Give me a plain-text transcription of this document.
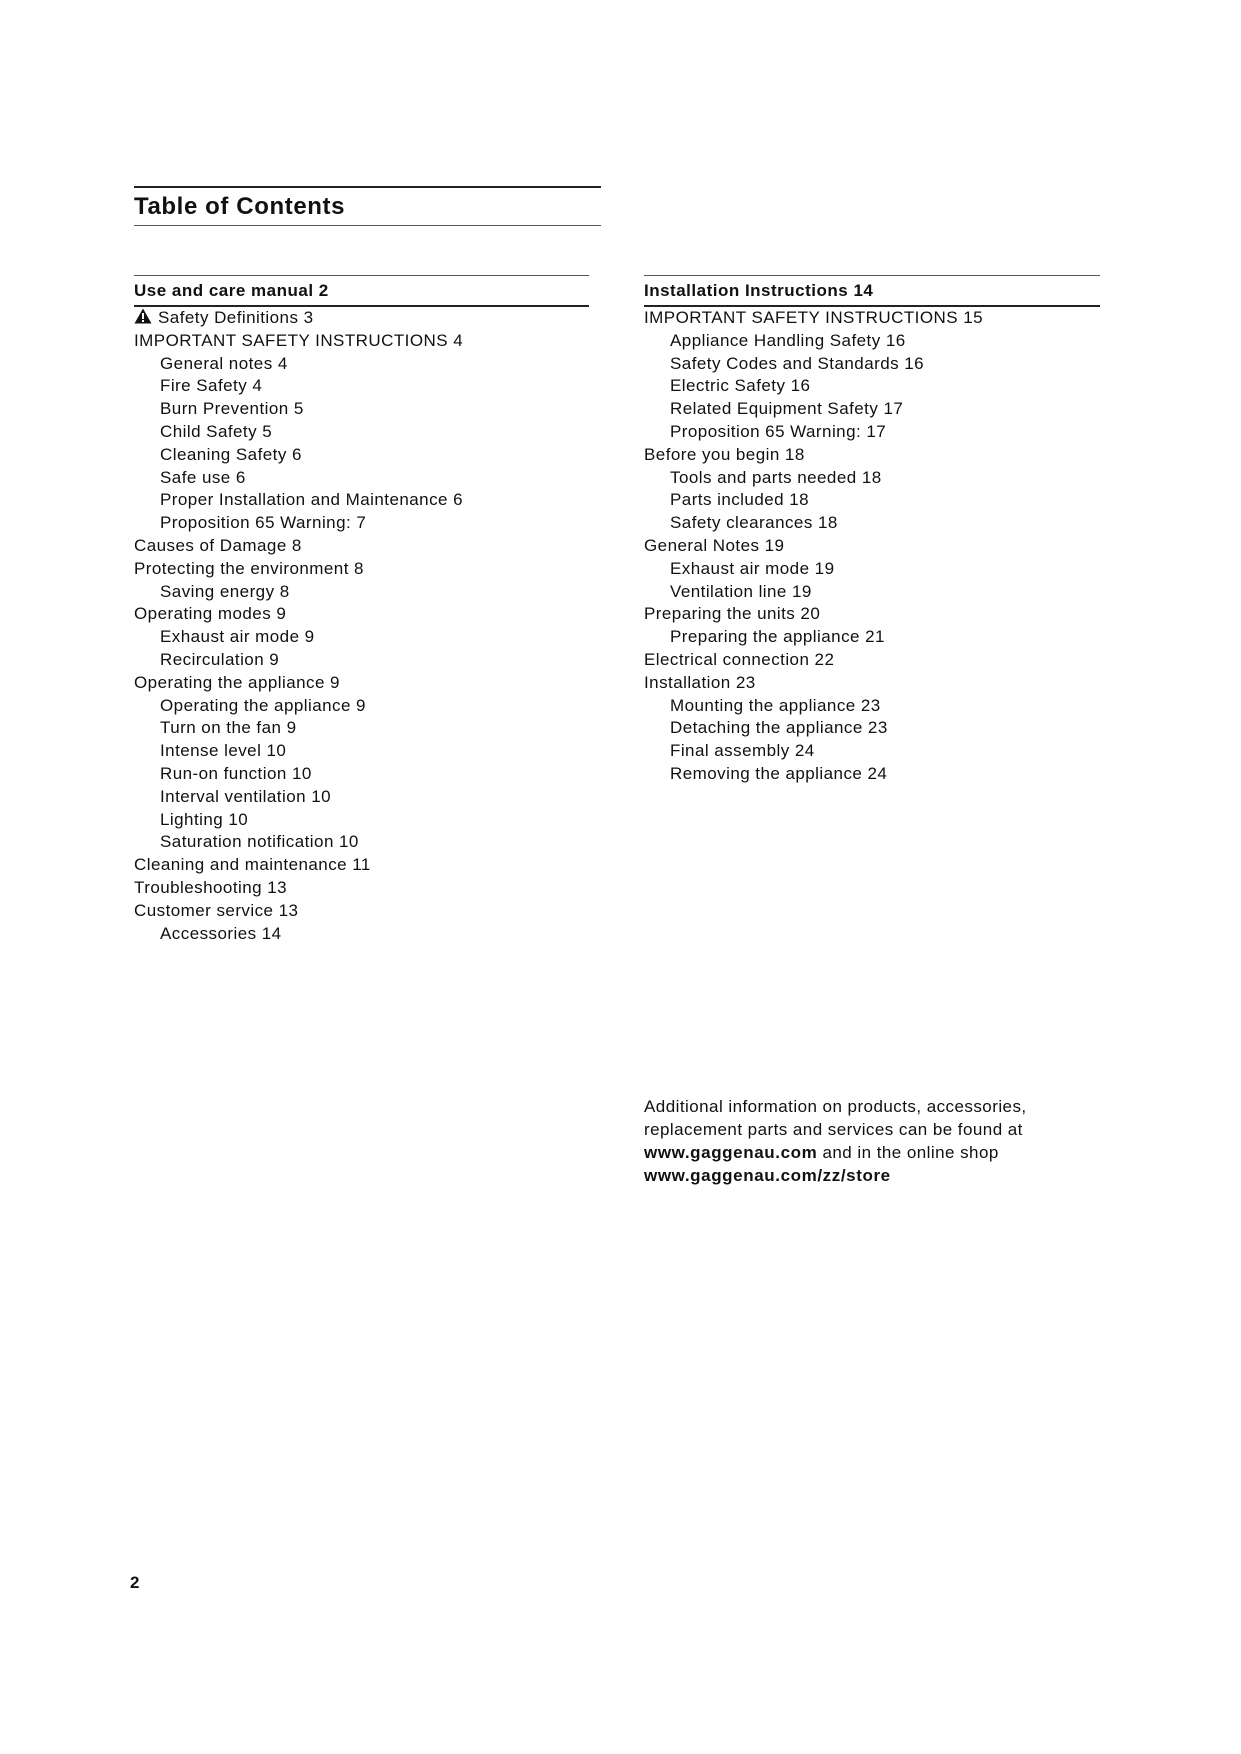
Table of Contents
Use and care manual 2
Safety Definitions 3
IMPORTANT SAFETY INSTRUCTIONS 4
General notes 4
Fire Safety 4
Burn Prevention 5
Child Safety 5
Cleaning Safety 6
Safe use 6
Proper Installation and Maintenance 6
Proposition 65 Warning: 7
Causes of Damage 8
Protecting the environment 8
Saving energy 8
Operating modes 9
Exhaust air mode 9
Recirculation 9
Operating the appliance 9
Operating the appliance 9
Turn on the fan 9
Intense level 10
Run-on function 10
Interval ventilation 10
Lighting 10
Saturation notification 10
Cleaning and maintenance 11
Troubleshooting 13
Customer service 13
Accessories 14
Installation Instructions 14
IMPORTANT SAFETY INSTRUCTIONS 15
Appliance Handling Safety 16
Safety Codes and Standards 16
Electric Safety 16
Related Equipment Safety 17
Proposition 65 Warning: 17
Before you begin 18
Tools and parts needed 18
Parts included 18
Safety clearances 18
General Notes 19
Exhaust air mode 19
Ventilation line 19
Preparing the units 20
Preparing the appliance 21
Electrical connection 22
Installation 23
Mounting the appliance 23
Detaching the appliance 23
Final assembly 24
Removing the appliance 24
Additional information on products, accessories,
replacement parts and services can be found at
www.gaggenau.com and in the online shop
www.gaggenau.com/zz/store
2
